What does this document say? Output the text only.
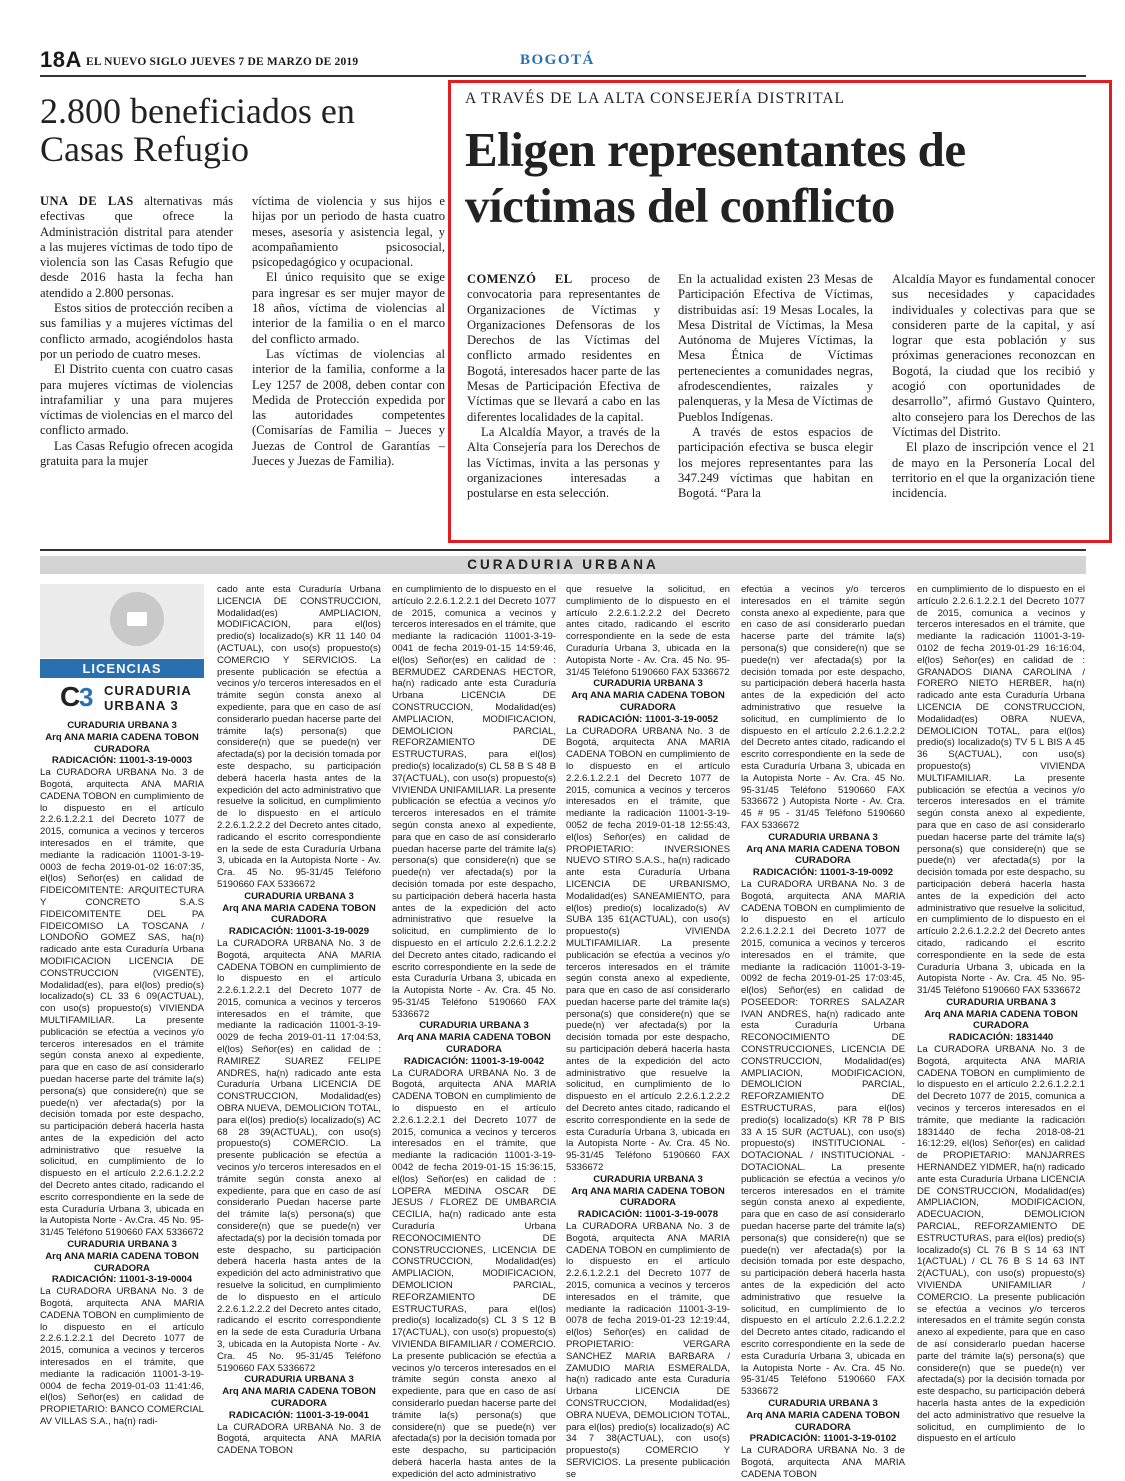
18A EL NUEVO SIGLO JUEVES 7 DE MARZO DE 2019	BOGOTÁ
2.800 beneficiados en Casas Refugio

UNA DE LAS alternativas más efectivas que ofrece la Administración distrital para atender a las mujeres víctimas de todo tipo de violencia son las Casas Refugio que desde 2016 hasta la fecha han atendido a 2.800 personas.

Estos sitios de protección reciben a sus familias y a mujeres víctimas del conflicto armado, acogiéndolos hasta por un periodo de cuatro meses.

El Distrito cuenta con cuatro casas para mujeres víctimas de violencias intrafamiliar y una para mujeres víctimas de violencias en el marco del conflicto armado.

Las Casas Refugio ofrecen acogida gratuita para la mujer

víctima de violencia y sus hijos e hijas por un periodo de hasta cuatro meses, asesoría y asistencia legal, y acompañamiento psicosocial, psicopedagógico y ocupacional.

El único requisito que se exige para ingresar es ser mujer mayor de 18 años, víctima de violencias al interior de la familia o en el marco del conflicto armado.

Las víctimas de violencias al interior de la familia, conforme a la Ley 1257 de 2008, deben contar con Medida de Protección expedida por las autoridades competentes (Comisarías de Familia – Jueces y Juezas de Control de Garantías – Jueces y Juezas de Familia).

A TRAVÉS DE LA ALTA CONSEJERÍA DISTRITAL
Eligen representantes de víctimas del conflicto

COMENZÓ EL proceso de convocatoria para representantes de Organizaciones de Víctimas y Organizaciones Defensoras de los Derechos de las Víctimas del conflicto armado residentes en Bogotá, interesados hacer parte de las Mesas de Participación Efectiva de Víctimas que se llevará a cabo en las diferentes localidades de la capital.

La Alcaldía Mayor, a través de la Alta Consejería para los Derechos de las Víctimas, invita a las personas y organizaciones interesadas a postularse en esta selección.

En la actualidad existen 23 Mesas de Participación Efectiva de Víctimas, distribuidas así: 19 Mesas Locales, la Mesa Distrital de Víctimas, la Mesa Autónoma de Mujeres Víctimas, la Mesa Étnica de Víctimas pertenecientes a comunidades negras, afrodescendientes, raizales y palenqueras, y la Mesa de Víctimas de Pueblos Indígenas.

A través de estos espacios de participación efectiva se busca elegir los mejores representantes para las 347.249 víctimas que habitan en Bogotá. “Para la

Alcaldía Mayor es fundamental conocer sus necesidades y capacidades individuales y colectivas para que se consideren parte de la capital, y así lograr que esta población y sus próximas generaciones reconozcan en Bogotá, la ciudad que los recibió y acogió con oportunidades de desarrollo”, afirmó Gustavo Quintero, alto consejero para los Derechos de las Víctimas del Distrito.

El plazo de inscripción vence el 21 de mayo en la Personería Local del territorio en el que la organización tiene incidencia.

CURADURIA URBANA
LICENCIAS
C
3 CURADURIA
URBANA 3

CURADURIA URBANA 3

Arq ANA MARIA CADENA TOBON

CURADORA

RADICACIÓN: 11001-3-19-0003

La CURADORA URBANA No. 3 de Bogotá, arquitecta ANA MARIA CADENA TOBON en cumplimiento de lo dispuesto en el artículo 2.2.6.1.2.2.1 del Decreto 1077 de 2015, comunica a vecinos y terceros interesados en el trámite, que mediante la radicación 11001-3-19-0003 de fecha 2019-01-02 16:07:35, el(los) Señor(es) en calidad de FIDEICOMITENTE: ARQUITECTURA Y CONCRETO S.A.S FIDEICOMITENTE DEL PA FIDEICOMISO LA TOSCANA / LONDOÑO GOMEZ SAS, ha(n) radicado ante esta Curaduría Urbana MODIFICACION LICENCIA DE CONSTRUCCION (VIGENTE), Modalidad(es), para el(los) predio(s) localizado(s) CL 33 6 09(ACTUAL), con uso(s) propuesto(s) VIVIENDA MULTIFAMILIAR. La presente publicación se efectúa a vecinos y/o terceros interesados en el trámite según consta anexo al expediente, para que en caso de así considerarlo puedan hacerse parte del trámite la(s) persona(s) que considere(n) que se puede(n) ver afectada(s) por la decisión tomada por este despacho, su participación deberá hacerla hasta antes de la expedición del acto administrativo que resuelve la solicitud, en cumplimiento de lo dispuesto en el artículo 2.2.6.1.2.2.2 del Decreto antes citado, radicando el escrito correspondiente en la sede de esta Curaduría Urbana 3, ubicada en la Autopista Norte - Av.Cra. 45 No. 95-31/45 Teléfono 5190660 FAX 5336672

CURADURIA URBANA 3

Arq ANA MARIA CADENA TOBON

CURADORA

RADICACIÓN: 11001-3-19-0004

La CURADORA URBANA No. 3 de Bogotá, arquitecta ANA MARIA CADENA TOBON en cumplimiento de lo dispuesto en el artículo 2.2.6.1.2.2.1 del Decreto 1077 de 2015, comunica a vecinos y terceros interesados en el trámite, que mediante la radicación 11001-3-19-0004 de fecha 2019-01-03 11:41:46, el(los) Señor(es) en calidad de PROPIETARIO: BANCO COMERCIAL AV VILLAS S.A., ha(n) radi-

cado ante esta Curaduría Urbana LICENCIA DE CONSTRUCCION, Modalidad(es) AMPLIACION, MODIFICACION, para el(los) predio(s) localizado(s) KR 11 140 04 (ACTUAL), con uso(s) propuesto(s) COMERCIO Y SERVICIOS. La presente publicación se efectúa a vecinos y/o terceros interesados en el trámite según consta anexo al expediente, para que en caso de así considerarlo puedan hacerse parte del trámite la(s) persona(s) que considere(n) que se puede(n) ver afectada(s) por la decisión tomada por este despacho, su participación deberá hacerla hasta antes de la expedición del acto administrativo que resuelve la solicitud, en cumplimiento de lo dispuesto en el artículo 2.2.6.1.2.2.2 del Decreto antes citado, radicando el escrito correspondiente en la sede de esta Curaduría Urbana 3, ubicada en la Autopista Norte - Av. Cra. 45 No. 95-31/45 Teléfono 5190660 FAX 5336672

CURADURIA URBANA 3

Arq ANA MARIA CADENA TOBON

CURADORA

RADICACIÓN: 11001-3-19-0029

La CURADORA URBANA No. 3 de Bogotá, arquitecta ANA MARIA CADENA TOBON en cumplimiento de lo dispuesto en el artículo 2.2.6.1.2.2.1 del Decreto 1077 de 2015, comunica a vecinos y terceros interesados en el trámite, que mediante la radicación 11001-3-19-0029 de fecha 2019-01-11 17:04:53, el(los) Señor(es) en calidad de : RAMIREZ SUAREZ FELIPE ANDRES, ha(n) radicado ante esta Curaduría Urbana LICENCIA DE CONSTRUCCION, Modalidad(es) OBRA NUEVA, DEMOLICION TOTAL, para el(los) predio(s) localizado(s) AC 68 28 39(ACTUAL), con uso(s) propuesto(s) COMERCIO. La presente publicación se efectúa a vecinos y/o terceros interesados en el trámite según consta anexo al expediente, para que en caso de así considerarlo Puedan hacerse parte del trámite la(s) persona(s) que considere(n) que se puede(n) ver afectada(s) por la decisión tomada por este despacho, su participación deberá hacerla hasta antes de la expedición del acto administrativo que resuelve la solicitud, en cumplimiento de lo dispuesto en el artículo 2.2.6.1.2.2.2 del Decreto antes citado, radicando el escrito correspondiente en la sede de esta Curaduría Urbana 3, ubicada en la Autopista Norte - Av. Cra. 45 No. 95-31/45 Teléfono 5190660 FAX 5336672

CURADURIA URBANA 3

Arq ANA MARIA CADENA TOBON

CURADORA

RADICACIÓN: 11001-3-19-0041

La CURADORA URBANA No. 3 de Bogotá, arquitecta ANA MARIA CADENA TOBON

en cumplimiento de lo dispuesto en el artículo 2.2.6.1.2.2.1 del Decreto 1077 de 2015, comunica a vecinos y terceros interesados en el trámite, que mediante la radicación 11001-3-19-0041 de fecha 2019-01-15 14:59:46, el(los) Señor(es) en calidad de : BERMUDEZ CARDENAS HECTOR, ha(n) radicado ante esta Curaduría Urbana LICENCIA DE CONSTRUCCION, Modalidad(es) AMPLIACION, MODIFICACION, DEMOLICION PARCIAL, REFORZAMIENTO DE ESTRUCTURAS, para el(los) predio(s) localizado(s) CL 58 B S 48 B 37(ACTUAL), con uso(s) propuesto(s) VIVIENDA UNIFAMILIAR. La presente publicación se efectúa a vecinos y/o terceros interesados en el trámite según consta anexo al expediente, para que en caso de así considerarlo puedan hacerse parte del trámite la(s) persona(s) que considere(n) que se puede(n) ver afectada(s) por la decisión tomada por este despacho, su participación deberá hacerla hasta antes de la expedición del acto administrativo que resuelve la solicitud, en cumplimiento de lo dispuesto en el artículo 2.2.6.1.2.2.2 del Decreto antes citado, radicando el escrito correspondiente en la sede de esta Curaduría Urbana 3, ubicada en la Autopista Norte - Av. Cra. 45 No. 95-31/45 Teléfono 5190660 FAX 5336672

CURADURIA URBANA 3

Arq ANA MARIA CADENA TOBON

CURADORA

RADICACIÓN: 11001-3-19-0042

La CURADORA URBANA No. 3 de Bogotá, arquitecta ANA MARIA CADENA TOBON en cumplimiento de lo dispuesto en el artículo 2.2.6.1.2.2.1 del Decreto 1077 de 2015, comunica a vecinos y terceros interesados en el trámite, que mediante la radicación 11001-3-19-0042 de fecha 2019-01-15 15:36:15, el(los) Señor(es) en calidad de : LOPERA MEDINA OSCAR DE JESUS / FLOREZ DE UMBARCIA CECILIA, ha(n) radicado ante esta Curaduría Urbana RECONOCIMIENTO DE CONSTRUCCIONES, LICENCIA DE CONSTRUCCION, Modalidad(es) AMPLIACION, MODIFICACION, DEMOLICION PARCIAL, REFORZAMIENTO DE ESTRUCTURAS, para el(los) predio(s) localizado(s) CL 3 S 12 B 17(ACTUAL), con uso(s) propuesto(s) VIVIENDA BIFAMILIAR / COMERCIO. La presente publicación se efectúa a vecinos y/o terceros interesados en el trámite según consta anexo al expediente, para que en caso de así considerarlo puedan hacerse parte del trámite la(s) persona(s) que considere(n) que se puede(n) ver afectada(s) por la decisión tomada por este despacho, su participación deberá hacerla hasta antes de la expedición del acto administrativo

que resuelve la solicitud, en cumplimiento de lo dispuesto en el artículo 2.2.6.1.2.2.2 del Decreto antes citado, radicando el escrito correspondiente en la sede de esta Curaduría Urbana 3, ubicada en la Autopista Norte - Av. Cra. 45 No. 95-31/45 Teléfono 5190660 FAX 5336672

CURADURIA URBANA 3

Arq ANA MARIA CADENA TOBON

CURADORA

RADICACIÓN: 11001-3-19-0052

La CURADORA URBANA No. 3 de Bogotá, arquitecta ANA MARIA CADENA TOBON en cumplimiento de lo dispuesto en el artículo 2.2.6.1.2.2.1 del Decreto 1077 de 2015, comunica a vecinos y terceros interesados en el trámite, que mediante la radicación 11001-3-19-0052 de fecha 2019-01-18 12:55:43, el(los) Señor(es) en calidad de PROPIETARIO: INVERSIONES NUEVO STIRO S.A.S., ha(n) radicado ante esta Curaduría Urbana LICENCIA DE URBANISMO, Modalidad(es) SANEAMIENTO, para el(los) predio(s) localizado(s) AV SUBA 135 61(ACTUAL), con uso(s) propuesto(s) VIVIENDA MULTIFAMILIAR. La presente publicación se efectúa a vecinos y/o terceros interesados en el trámite según consta anexo al expediente, para que en caso de así considerarlo puedan hacerse parte del trámite la(s) persona(s) que considere(n) que se puede(n) ver afectada(s) por la decisión tomada por este despacho, su participación deberá hacerla hasta antes de la expedición del acto administrativo que resuelve la solicitud, en cumplimiento de lo dispuesto en el artículo 2.2.6.1.2.2.2 del Decreto antes citado, radicando el escrito correspondiente en la sede de esta Curaduría Urbana 3, ubicada en la Autopista Norte - Av. Cra. 45 No. 95-31/45 Teléfono 5190660 FAX 5336672

CURADURIA URBANA 3

Arq ANA MARIA CADENA TOBON

CURADORA

RADICACIÓN: 11001-3-19-0078

La CURADORA URBANA No. 3 de Bogotá, arquitecta ANA MARIA CADENA TOBON en cumplimiento de lo dispuesto en el artículo 2.2.6.1.2.2.1 del Decreto 1077 de 2015, comunica a vecinos y terceros interesados en el trámite, que mediante la radicación 11001-3-19-0078 de fecha 2019-01-23 12:19:44, el(los) Señor(es) en calidad de PROPIETARIO: VERGARA SANCHEZ MARIA BARBARA / ZAMUDIO MARIA ESMERALDA, ha(n) radicado ante esta Curaduría Urbana LICENCIA DE CONSTRUCCION, Modalidad(es) OBRA NUEVA, DEMOLICION TOTAL, para el(los) predio(s) localizado(s) AC 34 7 38(ACTUAL), con uso(s) propuesto(s) COMERCIO Y SERVICIOS. La presente publicación se

efectúa a vecinos y/o terceros interesados en el trámite según consta anexo al expediente, para que en caso de así considerarlo puedan hacerse parte del trámite la(s) persona(s) que considere(n) que se puede(n) ver afectada(s) por la decisión tomada por este despacho, su participación deberá hacerla hasta antes de la expedición del acto administrativo que resuelve la solicitud, en cumplimiento de lo dispuesto en el artículo 2.2.6.1.2.2.2 del Decreto antes citado, radicando el escrito correspondiente en la sede de esta Curaduría Urbana 3, ubicada en la Autopista Norte - Av. Cra. 45 No. 95-31/45 Teléfono 5190660 FAX 5336672 ) Autopista Norte - Av. Cra. 45 # 95 - 31/45 Teléfono 5190660 FAX 5336672

CURADURIA URBANA 3

Arq ANA MARIA CADENA TOBON

CURADORA

RADICACIÓN: 11001-3-19-0092

La CURADORA URBANA No. 3 de Bogotá, arquitecta ANA MARIA CADENA TOBON en cumplimiento de lo dispuesto en el artículo 2.2.6.1.2.2.1 del Decreto 1077 de 2015, comunica a vecinos y terceros interesados en el trámite, que mediante la radicación 11001-3-19-0092 de fecha 2019-01-25 17:03:45, el(los) Señor(es) en calidad de POSEEDOR: TORRES SALAZAR IVAN ANDRES, ha(n) radicado ante esta Curaduría Urbana RECONOCIMIENTO DE CONSTRUCCIONES, LICENCIA DE CONSTRUCCION, Modalidad(es) AMPLIACION, MODIFICACION, DEMOLICION PARCIAL, REFORZAMIENTO DE ESTRUCTURAS, para el(los) predio(s) localizado(s) KR 78 P BIS 33 A 15 SUR (ACTUAL), con uso(s) propuesto(s) INSTITUCIONAL - DOTACIONAL / INSTITUCIONAL - DOTACIONAL. La presente publicación se efectúa a vecinos y/o terceros interesados en el trámite según consta anexo al expediente, para que en caso de así considerarlo puedan hacerse parte del trámite la(s) persona(s) que considere(n) que se puede(n) ver afectada(s) por la decisión tomada por este despacho, su participación deberá hacerla hasta antes de la expedición del acto administrativo que resuelve la solicitud, en cumplimiento de lo dispuesto en el artículo 2.2.6.1.2.2.2 del Decreto antes citado, radicando el escrito correspondiente en la sede de esta Curaduría Urbana 3, ubicada en la Autopista Norte - Av. Cra. 45 No. 95-31/45 Teléfono 5190660 FAX 5336672

CURADURIA URBANA 3

Arq ANA MARIA CADENA TOBON

CURADORA

PRADICACIÓN: 11001-3-19-0102

La CURADORA URBANA No. 3 de Bogotá, arquitecta ANA MARIA CADENA TOBON

en cumplimiento de lo dispuesto en el artículo 2.2.6.1.2.2.1 del Decreto 1077 de 2015, comunica a vecinos y terceros interesados en el trámite, que mediante la radicación 11001-3-19-0102 de fecha 2019-01-29 16:16:04, el(los) Señor(es) en calidad de : GRANADOS DIANA CAROLINA / FORERO NIETO HERBER, ha(n) radicado ante esta Curaduría Urbana LICENCIA DE CONSTRUCCION, Modalidad(es) OBRA NUEVA, DEMOLICION TOTAL, para el(los) predio(s) localizado(s) TV 5 L BIS A 45 36 S(ACTUAL), con uso(s) propuesto(s) VIVIENDA MULTIFAMILIAR. La presente publicación se efectúa a vecinos y/o terceros interesados en el trámite según consta anexo al expediente, para que en caso de así considerarlo puedan hacerse parte del trámite la(s) persona(s) que considere(n) que se puede(n) ver afectada(s) por la decisión tomada por este despacho, su participación deberá hacerla hasta antes de la expedición del acto administrativo que resuelve la solicitud, en cumplimiento de lo dispuesto en el artículo 2.2.6.1.2.2.2 del Decreto antes citado, radicando el escrito correspondiente en la sede de esta Curaduría Urbana 3, ubicada en la Autopista Norte - Av. Cra. 45 No. 95-31/45 Teléfono 5190660 FAX 5336672

CURADURIA URBANA 3

Arq ANA MARIA CADENA TOBON

CURADORA

RADICACIÓN: 1831440

La CURADORA URBANA No. 3 de Bogotá, arquitecta ANA MARIA CADENA TOBON en cumplimiento de lo dispuesto en el artículo 2.2.6.1.2.2.1 del Decreto 1077 de 2015, comunica a vecinos y terceros interesados en el trámite, que mediante la radicación 1831440 de fecha 2018-08-21 16:12:29, el(los) Señor(es) en calidad de PROPIETARIO: MANJARRES HERNANDEZ YIDMER, ha(n) radicado ante esta Curaduría Urbana LICENCIA DE CONSTRUCCION, Modalidad(es) AMPLIACION, MODIFICACION, ADECUACION, DEMOLICION PARCIAL, REFORZAMIENTO DE ESTRUCTURAS, para el(los) predio(s) localizado(s) CL 76 B S 14 63 INT 1(ACTUAL) / CL 76 B S 14 63 INT 2(ACTUAL), con uso(s) propuesto(s) VIVIENDA UNIFAMILIAR / COMERCIO. La presente publicación se efectúa a vecinos y/o terceros interesados en el trámite según consta anexo al expediente, para que en caso de así considerarlo puedan hacerse parte del trámite la(s) persona(s) que considere(n) que se puede(n) ver afectada(s) por la decisión tomada por este despacho, su participación deberá hacerla hasta antes de la expedición del acto administrativo que resuelve la solicitud, en cumplimiento de lo dispuesto en el artículo
